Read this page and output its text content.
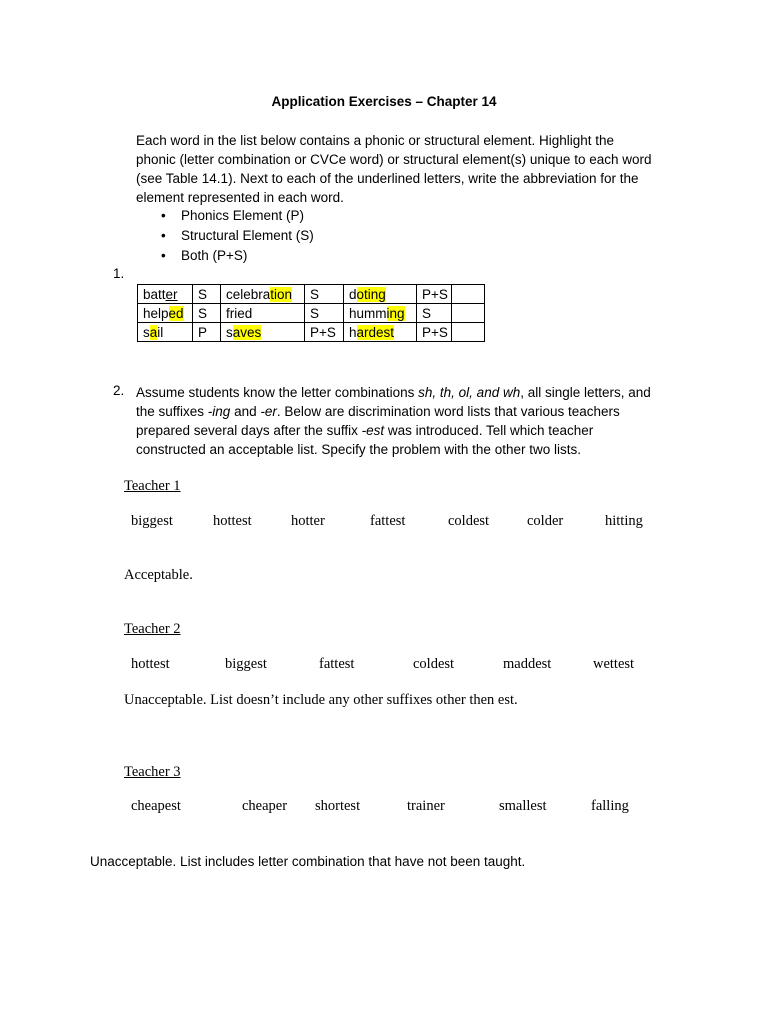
Application Exercises – Chapter 14

Each word in the list below contains a phonic or structural element. Highlight the

phonic (letter combination or CVCe word) or structural element(s) unique to each word

(see Table 14.1). Next to each of the underlined letters, write the abbreviation for the

element represented in each word.

• Phonics Element (P)
• Structural Element (S)
• Both (P+S)
1.
batter	S	celebration	S	doting	P+S	
helped	S	fried	S	humming	S	
sail	P	saves	P+S	hardest	P+S	
2. Assume students know the letter combinations sh, th, ol, and wh, all single letters, and

the suffixes -ing and -er. Below are discrimination word lists that various teachers

prepared several days after the suffix -est was introduced. Tell which teacher

constructed an acceptable list. Specify the problem with the other two lists.

Teacher 1
biggest	hottest	hotter	fattest	coldest	colder	hitting
Acceptable.
Teacher 2
hottest	biggest	fattest	coldest	maddest	wettest
Unacceptable. List doesn’t include any other suffixes other then est.
Teacher 3
cheapest	cheaper shortest	trainer	smallest	falling
Unacceptable. List includes letter combination that have not been taught.
